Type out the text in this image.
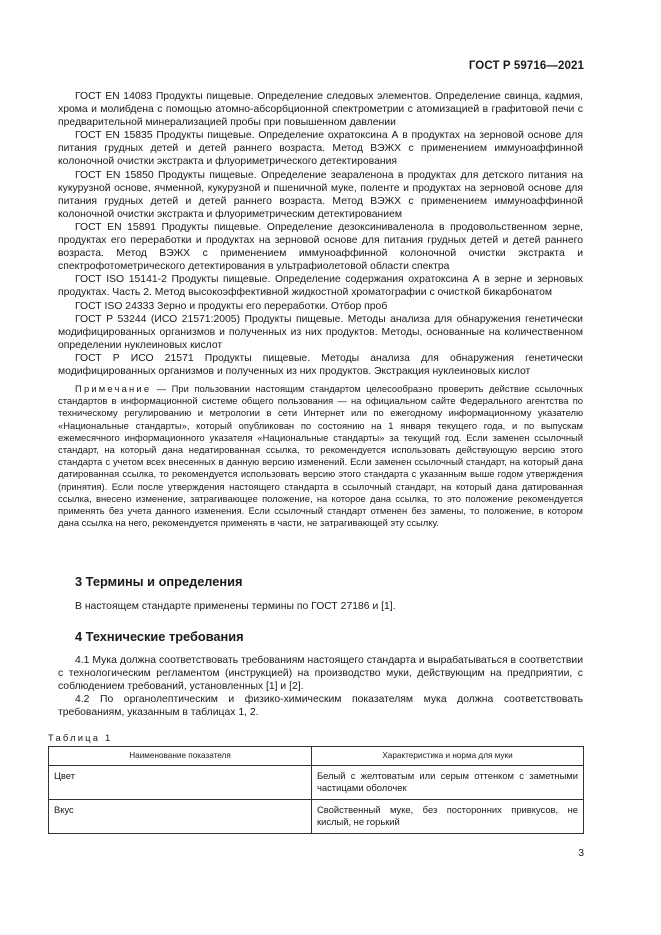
ГОСТ Р 59716—2021

ГОСТ EN 14083 Продукты пищевые. Определение следовых элементов. Определение свинца, кадмия, хрома и молибдена с помощью атомно-абсорбционной спектрометрии с атомизацией в графитовой печи с предварительной минерализацией пробы при повышенном давлении

ГОСТ EN 15835 Продукты пищевые. Определение охратоксина А в продуктах на зерновой основе для питания грудных детей и детей раннего возраста. Метод ВЭЖХ с применением иммуноаффинной колоночной очистки экстракта и флуориметрического детектирования

ГОСТ EN 15850 Продукты пищевые. Определение зеараленона в продуктах для детского питания на кукурузной основе, ячменной, кукурузной и пшеничной муке, поленте и продуктах на зерновой основе для питания грудных детей и детей раннего возраста. Метод ВЭЖХ с применением иммуноаффинной колоночной очистки экстракта и флуориметрическим детектированием

ГОСТ EN 15891 Продукты пищевые. Определение дезоксиниваленола в продовольственном зерне, продуктах его переработки и продуктах на зерновой основе для питания грудных детей и детей раннего возраста. Метод ВЭЖХ с применением иммуноаффинной колоночной очистки экстракта и спектрофотометрического детектирования в ультрафиолетовой области спектра

ГОСТ ISO 15141-2 Продукты пищевые. Определение содержания охратоксина А в зерне и зерновых продуктах. Часть 2. Метод высокоэффективной жидкостной хроматографии с очисткой бикарбонатом

ГОСТ ISO 24333 Зерно и продукты его переработки. Отбор проб

ГОСТ Р 53244 (ИСО 21571:2005) Продукты пищевые. Методы анализа для обнаружения генетически модифицированных организмов и полученных из них продуктов. Методы, основанные на количественном определении нуклеиновых кислот

ГОСТ Р ИСО 21571 Продукты пищевые. Методы анализа для обнаружения генетически модифицированных организмов и полученных из них продуктов. Экстракция нуклеиновых кислот

Примечание — При пользовании настоящим стандартом целесообразно проверить действие ссылочных стандартов в информационной системе общего пользования — на официальном сайте Федерального агентства по техническому регулированию и метрологии в сети Интернет или по ежегодному информационному указателю «Национальные стандарты», который опубликован по состоянию на 1 января текущего года, и по выпускам ежемесячного информационного указателя «Национальные стандарты» за текущий год. Если заменен ссылочный стандарт, на который дана недатированная ссылка, то рекомендуется использовать действующую версию этого стандарта с учетом всех внесенных в данную версию изменений. Если заменен ссылочный стандарт, на который дана датированная ссылка, то рекомендуется использовать версию этого стандарта с указанным выше годом утверждения (принятия). Если после утверждения настоящего стандарта в ссылочный стандарт, на который дана датированная ссылка, внесено изменение, затрагивающее положение, на которое дана ссылка, то это положение рекомендуется применять без учета данного изменения. Если ссылочный стандарт отменен без замены, то положение, в котором дана ссылка на него, рекомендуется применять в части, не затрагивающей эту ссылку.
3 Термины и определения

В настоящем стандарте применены термины по ГОСТ 27186 и [1].

4 Технические требования

4.1 Мука должна соответствовать требованиям настоящего стандарта и вырабатываться в соответствии с технологическим регламентом (инструкцией) на производство муки, действующим на предприятии, с соблюдением требований, установленных [1] и [2].

4.2 По органолептическим и физико-химическим показателям мука должна соответствовать требованиям, указанным в таблицах 1, 2.

Таблица 1
Наименование показателя	Характеристика и норма для муки
Цвет	Белый с желтоватым или серым оттенком с заметными частицами оболочек
Вкус	Свойственный муке, без посторонних привкусов, не кислый, не горький
3
